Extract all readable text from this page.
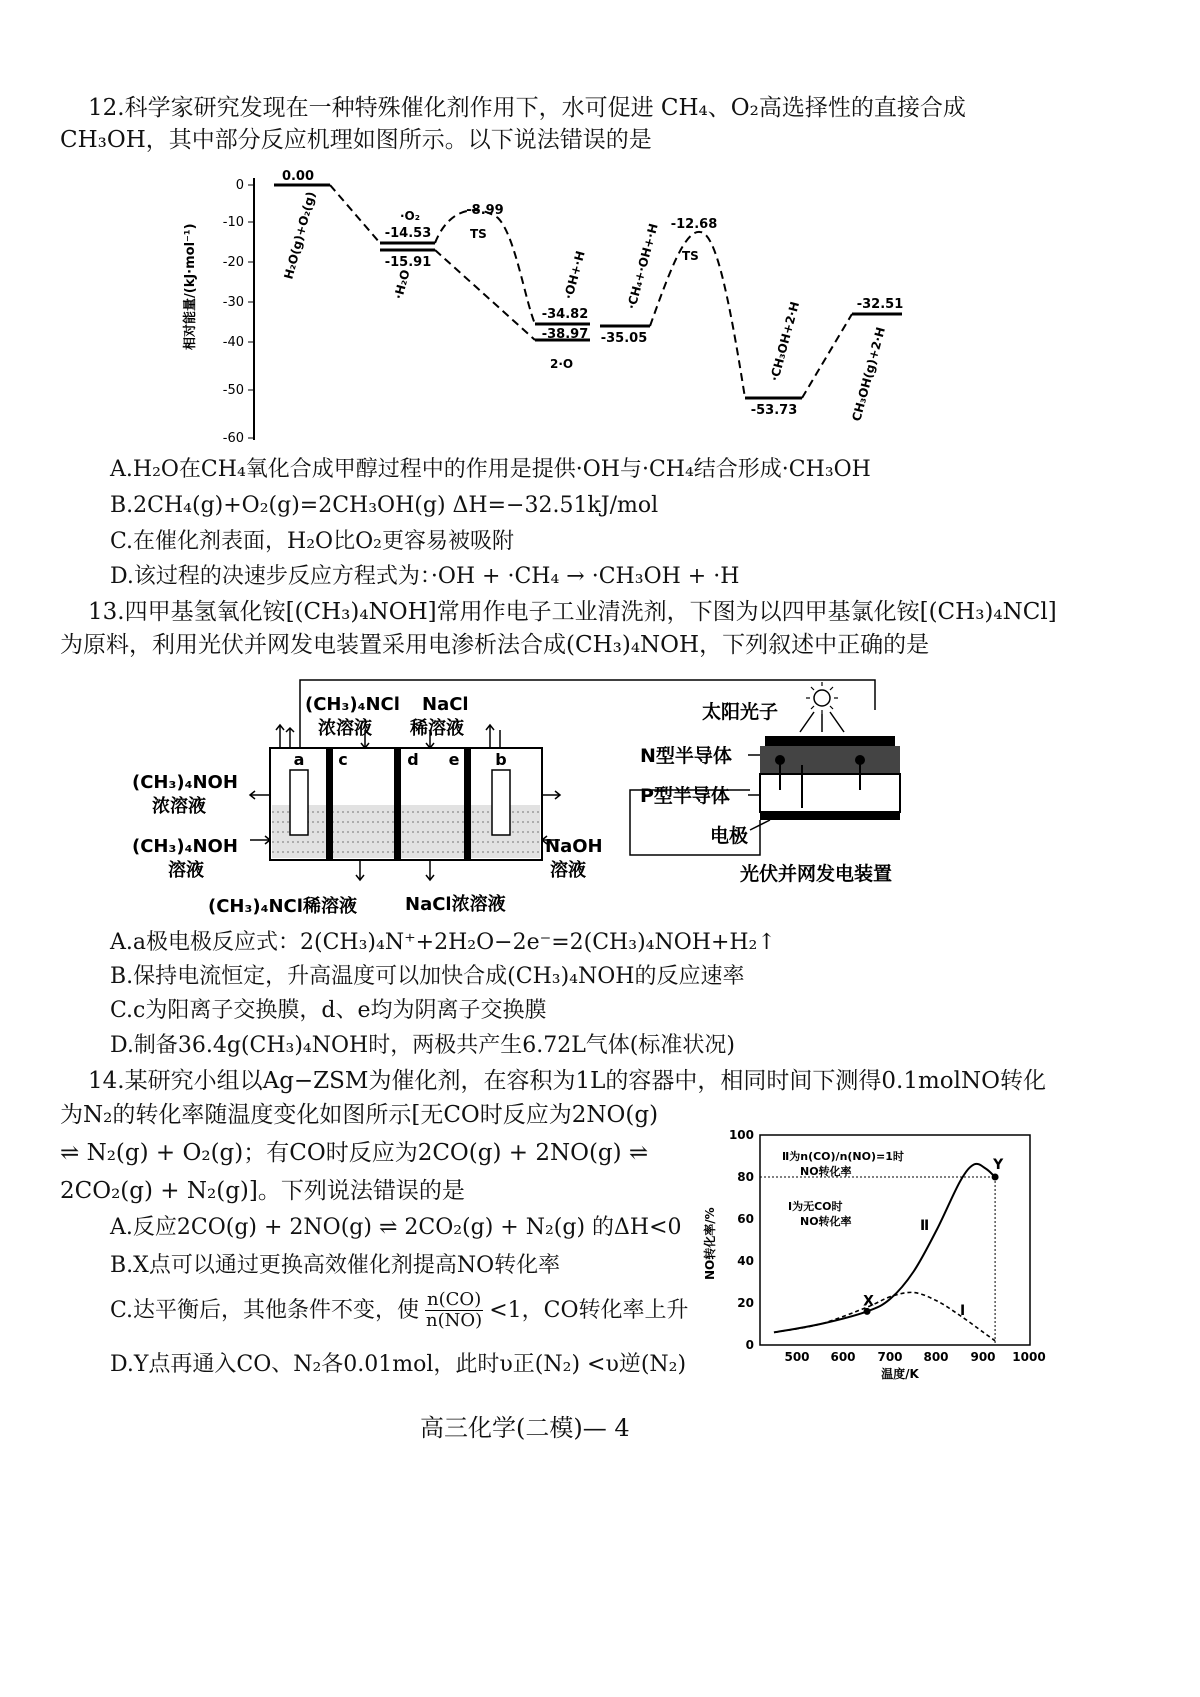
12.科学家研究发现在一种特殊催化剂作用下，水可促进 CH₄、O₂高选择性的直接合成
CH₃OH，其中部分反应机理如图所示。以下说法错误的是
0
-10
-20
-30
-40
-50
-60
相对能量/(kJ·mol⁻¹)
0.00
-14.53
-15.91
-8.99
-34.82
-38.97 -35.05
-12.68
-53.73
-32.51
H₂O(g)+O₂(g)	·O₂
·H₂O
TS
·OH+·H
2·O
·CH₄+·OH+·H TS
·CH₃OH+2·H	CH₃OH(g)+2·H
A.H₂O在CH₄氧化合成甲醇过程中的作用是提供·OH与·CH₄结合形成·CH₃OH
B.2CH₄(g)+O₂(g)=2CH₃OH(g) ΔH=−32.51kJ/mol
C.在催化剂表面，H₂O比O₂更容易被吸附
D.该过程的决速步反应方程式为：·OH + ·CH₄ → ·CH₃OH + ·H
13.四甲基氢氧化铵[(CH₃)₄NOH]常用作电子工业清洗剂，下图为以四甲基氯化铵[(CH₃)₄NCl]
为原料，利用光伏并网发电装置采用电渗析法合成(CH₃)₄NOH，下列叙述中正确的是
a c	d e b
(CH₃)₄NCl
浓溶液
NaCl
稀溶液
(CH₃)₄NOH
浓溶液
(CH₃)₄NOH
溶液
NaOH
溶液
(CH₃)₄NCl稀溶液	NaCl浓溶液
太阳光子
N型半导体
P型半导体
电极
光伏并网发电装置
A.a极电极反应式：2(CH₃)₄N⁺+2H₂O−2e⁻=2(CH₃)₄NOH+H₂↑
B.保持电流恒定，升高温度可以加快合成(CH₃)₄NOH的反应速率
C.c为阳离子交换膜，d、e均为阴离子交换膜
D.制备36.4g(CH₃)₄NOH时，两极共产生6.72L气体(标准状况)
14.某研究小组以Ag−ZSM为催化剂，在容积为1L的容器中，相同时间下测得0.1molNO转化
为N₂的转化率随温度变化如图所示[无CO时反应为2NO(g)
⇌ N₂(g) + O₂(g)；有CO时反应为2CO(g) + 2NO(g) ⇌
2CO₂(g) + N₂(g)]。下列说法错误的是
A.反应2CO(g) + 2NO(g) ⇌ 2CO₂(g) + N₂(g) 的ΔH<0
B.X点可以通过更换高效催化剂提高NO转化率
C.达平衡后，其他条件不变，使 $\frac{n(CO)}{n(NO)} <1$，CO转化率上升
D.Y点再通入CO、N₂各0.01mol，此时υ正(N₂) <υ逆(N₂)
0
20
40
60
80
100
500 600 700 800 900 1000
温度/K
NO转化率/%
Ⅱ为n(CO)/n(NO)=1时
NO转化率
Ⅰ为无CO时
NO转化率	Ⅱ
Ⅰ
X
Y
高三化学(二模)— 4
